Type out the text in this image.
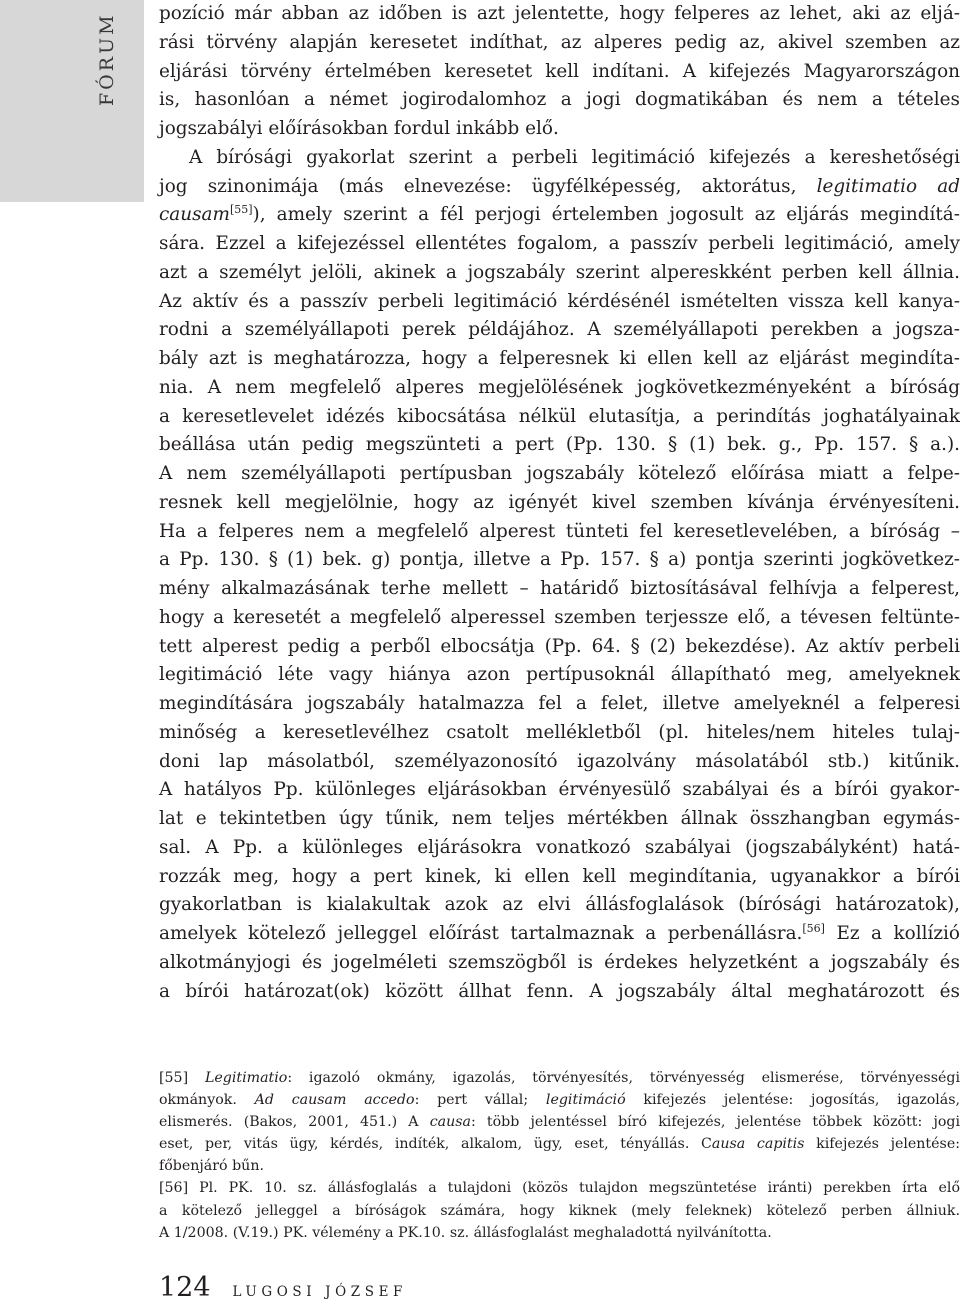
FÓRUM	pozíció már abban az időben is azt jelentette, hogy felperes az lehet, aki az eljá-
rási törvény alapján keresetet indíthat, az alperes pedig az, akivel szemben az
eljárási törvény értelmében keresetet kell indítani. A kifejezés Magyarországon
is, hasonlóan a német jogirodalomhoz a jogi dogmatikában és nem a tételes
jogszabályi előírásokban fordul inkább elő.
A bírósági gyakorlat szerint a perbeli legitimáció kifejezés a kereshetőségi
jog szinonimája (más elnevezése: ügyfélképesség, aktorátus, legitimatio ad
causam[55]), amely szerint a fél perjogi értelemben jogosult az eljárás megindítá-
sára. Ezzel a kifejezéssel ellentétes fogalom, a passzív perbeli legitimáció, amely
azt a személyt jelöli, akinek a jogszabály szerint alpereskként perben kell állnia.
Az aktív és a passzív perbeli legitimáció kérdésénél ismételten vissza kell kanya-
rodni a személyállapoti perek példájához. A személyállapoti perekben a jogsza-
bály azt is meghatározza, hogy a felperesnek ki ellen kell az eljárást megindíta-
nia. A nem megfelelő alperes megjelölésének jogkövetkezményeként a bíróság
a keresetlevelet idézés kibocsátása nélkül elutasítja, a perindítás joghatályainak
beállása után pedig megszünteti a pert (Pp. 130. § (1) bek. g., Pp. 157. § a.).
A nem személyállapoti pertípusban jogszabály kötelező előírása miatt a felpe-
resnek kell megjelölnie, hogy az igényét kivel szemben kívánja érvényesíteni.
Ha a felperes nem a megfelelő alperest tünteti fel keresetlevelében, a bíróság –
a Pp. 130. § (1) bek. g) pontja, illetve a Pp. 157. § a) pontja szerinti jogkövetkez-
mény alkalmazásának terhe mellett – határidő biztosításával felhívja a felperest,
hogy a keresetét a megfelelő alperessel szemben terjessze elő, a tévesen feltünte-
tett alperest pedig a perből elbocsátja (Pp. 64. § (2) bekezdése). Az aktív perbeli
legitimáció léte vagy hiánya azon pertípusoknál állapítható meg, amelyeknek
megindítására jogszabály hatalmazza fel a felet, illetve amelyeknél a felperesi
minőség a keresetlevélhez csatolt mellékletből (pl. hiteles/nem hiteles tulaj-
doni lap másolatból, személyazonosító igazolvány másolatából stb.) kitűnik.
A hatályos Pp. különleges eljárásokban érvényesülő szabályai és a bírói gyakor-
lat e tekintetben úgy tűnik, nem teljes mértékben állnak összhangban egymás-
sal. A Pp. a különleges eljárásokra vonatkozó szabályai (jogszabályként) hatá-
rozzák meg, hogy a pert kinek, ki ellen kell megindítania, ugyanakkor a bírói
gyakorlatban is kialakultak azok az elvi állásfoglalások (bírósági határozatok),
amelyek kötelező jelleggel előírást tartalmaznak a perbenállásra.[56] Ez a kollízió
alkotmányjogi és jogelméleti szemszögből is érdekes helyzetként a jogszabály és
a bírói határozat(ok) között állhat fenn. A jogszabály által meghatározott és
[55] Legitimatio: igazoló okmány, igazolás, törvényesítés, törvényesség elismerése, törvényességi
okmányok. Ad causam accedo: pert vállal; legitimáció kifejezés jelentése: jogosítás, igazolás,
elismerés. (Bakos, 2001, 451.) A causa: több jelentéssel bíró kifejezés, jelentése többek között: jogi
eset, per, vitás ügy, kérdés, indíték, alkalom, ügy, eset, tényállás. Causa capitis kifejezés jelentése:
főbenjáró bűn.
[56] Pl. PK. 10. sz. állásfoglalás a tulajdoni (közös tulajdon megszüntetése iránti) perekben írta elő
a kötelező jelleggel a bíróságok számára, hogy kiknek (mely feleknek) kötelező perben állniuk.
A 1/2008. (V.19.) PK. vélemény a PK.10. sz. állásfoglalást meghaladottá nyilvánította.
124 LUGOSI JÓZSEF
